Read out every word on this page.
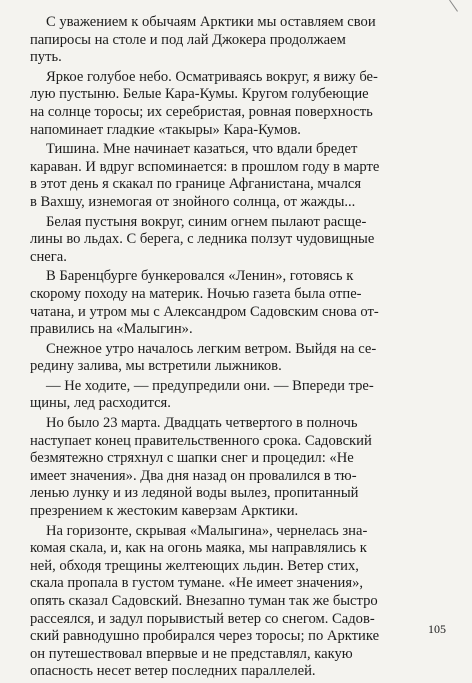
С уважением к обычаям Арктики мы оставляем свои
папиросы на столе и под лай Джокера продолжаем
путь.
Яркое голубое небо. Осматриваясь вокруг, я вижу бе-
лую пустыню. Белые Кара-Кумы. Кругом голубеющие
на солнце торосы; их серебристая, ровная поверхность
напоминает гладкие «такыры» Кара-Кумов.
Тишина. Мне начинает казаться, что вдали бредет
караван. И вдруг вспоминается: в прошлом году в марте
в этот день я скакал по границе Афганистана, мчался
в Вахшу, изнемогая от знойного солнца, от жажды...
Белая пустыня вокруг, синим огнем пылают расще-
лины во льдах. С берега, с ледника ползут чудовищные
снега.
В Баренцбурге бункеровался «Ленин», готовясь к
скорому походу на материк. Ночью газета была отпе-
чатана, и утром мы с Александром Садовским снова от-
правились на «Малыгин».
Снежное утро началось легким ветром. Выйдя на се-
редину залива, мы встретили лыжников.
— Не ходите, — предупредили они. — Впереди тре-
щины, лед расходится.
Но было 23 марта. Двадцать четвертого в полночь
наступает конец правительственного срока. Садовский
безмятежно стряхнул с шапки снег и процедил: «Не
имеет значения». Два дня назад он провалился в тю-
ленью лунку и из ледяной воды вылез, пропитанный
презрением к жестоким каверзам Арктики.
На горизонте, скрывая «Малыгина», чернелась зна-
комая скала, и, как на огонь маяка, мы направлялись к
ней, обходя трещины желтеющих льдин. Ветер стих,
скала пропала в густом тумане. «Не имеет значения»,
опять сказал Садовский. Внезапно туман так же быстро
рассеялся, и задул порывистый ветер со снегом. Садов-
ский равнодушно пробирался через торосы; по Арктике
он путешествовал впервые и не представлял, какую
опасность несет ветер последних параллелей.
105
